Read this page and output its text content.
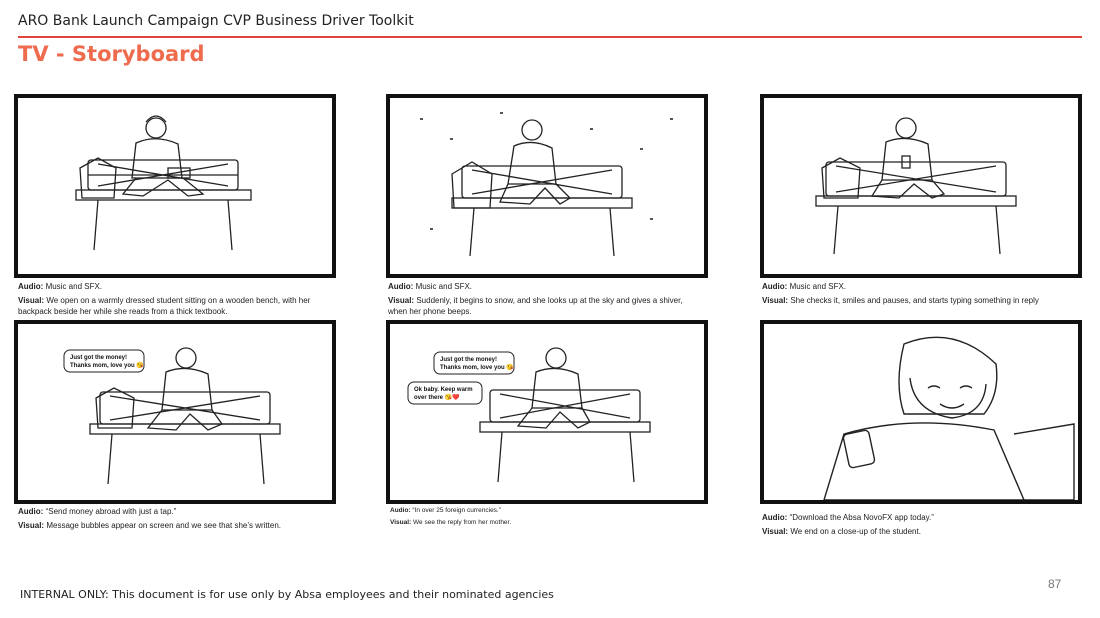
ARO Bank Launch Campaign CVP Business Driver Toolkit
TV - Storyboard
Audio: Music and SFX.
Visual: We open on a warmly dressed student sitting on a wooden bench, with her backpack beside her while she reads from a thick textbook.
Audio: Music and SFX.
Visual: Suddenly, it begins to snow, and she looks up at the sky and gives a shiver, when her phone beeps.
Audio: Music and SFX.
Visual: She checks it, smiles and pauses, and starts typing something in reply
Just got the money! Thanks mom, love you 😘
Audio: “Send money abroad with just a tap.”
Visual: Message bubbles appear on screen and we see that she’s written.
Just got the money! Thanks mom, love you 😘
Ok baby. Keep warm over there 😘❤️
Audio: “In over 25 foreign currencies.”
Visual: We see the reply from her mother.
Audio: “Download the Absa NovoFX app today.”
Visual: We end on a close-up of the student.
INTERNAL ONLY: This document is for use only by Absa employees and their nominated agencies
87
